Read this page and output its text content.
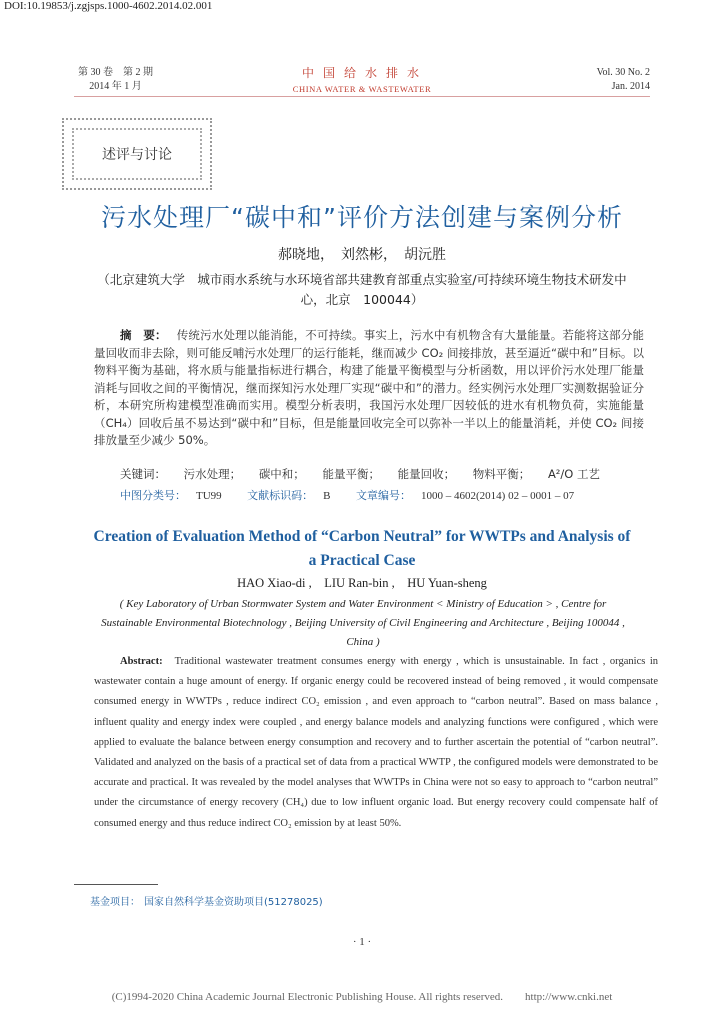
DOI:10.19853/j.zgjsps.1000-4602.2014.02.001
第 30 卷　第 2 期
2014 年 1 月
中 国 给 水 排 水
CHINA WATER & WASTEWATER
Vol. 30 No. 2
Jan. 2014
述评与讨论
污水处理厂“碳中和”评价方法创建与案例分析
郝晓地，　刘然彬，　胡沅胜
（北京建筑大学　城市雨水系统与水环境省部共建教育部重点实验室/可持续环境生物技术研发中心，北京　100044）
摘　要： 传统污水处理以能消能，不可持续。事实上，污水中有机物含有大量能量。若能将这部分能量回收而非去除，则可能反哺污水处理厂的运行能耗，继而减少 CO₂ 间接排放，甚至逼近“碳中和”目标。以物料平衡为基础，将水质与能量指标进行耦合，构建了能量平衡模型与分析函数，用以评价污水处理厂能量消耗与回收之间的平衡情况，继而探知污水处理厂实现“碳中和”的潜力。经实例污水处理厂实测数据验证分析，本研究所构建模型准确而实用。模型分析表明，我国污水处理厂因较低的进水有机物负荷，实施能量（CH₄）回收后虽不易达到“碳中和”目标，但是能量回收完全可以弥补一半以上的能量消耗，并使 CO₂ 间接排放量至少减少 50%。
关键词： 污水处理； 碳中和； 能量平衡； 能量回收； 物料平衡； A²/O 工艺
中图分类号： TU99 文献标识码： B 文章编号： 1000 – 4602(2014) 02 – 0001 – 07
Creation of Evaluation Method of “Carbon Neutral” for WWTPs and Analysis of a Practical Case
HAO Xiao-di ,　LIU Ran-bin ,　HU Yuan-sheng
( Key Laboratory of Urban Stormwater System and Water Environment < Ministry of Education > , Centre for Sustainable Environmental Biotechnology , Beijing University of Civil Engineering and Architecture , Beijing 100044 , China )
Abstract: Traditional wastewater treatment consumes energy with energy , which is unsustainable. In fact , organics in wastewater contain a huge amount of energy. If organic energy could be recovered instead of being removed , it would compensate consumed energy in WWTPs , reduce indirect CO₂ emission , and even approach to “carbon neutral”. Based on mass balance , influent quality and energy index were coupled , and energy balance models and analyzing functions were configured , which were applied to evaluate the balance between energy consumption and recovery and to further ascertain the potential of “carbon neutral”. Validated and analyzed on the basis of a practical set of data from a practical WWTP , the configured models were demonstrated to be accurate and practical. It was revealed by the model analyses that WWTPs in China were not so easy to approach to “carbon neutral” under the circumstance of energy recovery (CH₄) due to low influent organic load. But energy recovery could compensate half of consumed energy and thus reduce indirect CO₂ emission by at least 50%.
基金项目： 国家自然科学基金资助项目(51278025)
· 1 ·
(C)1994-2020 China Academic Journal Electronic Publishing House. All rights reserved.　　http://www.cnki.net
